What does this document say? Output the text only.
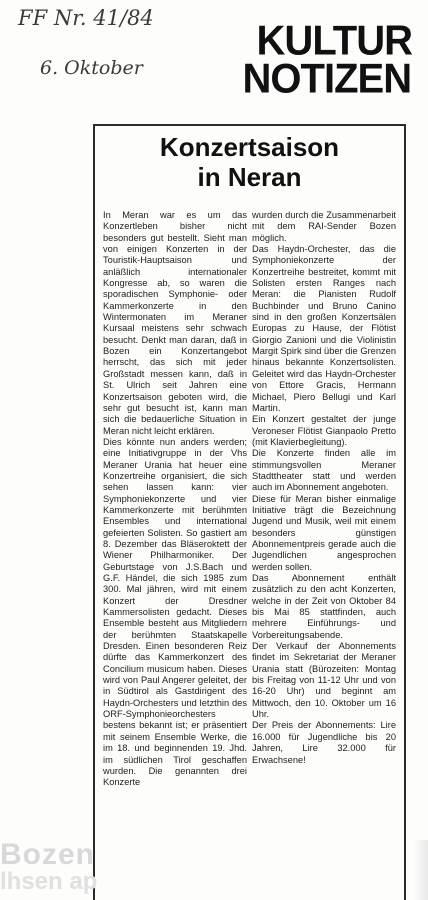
FF Nr. 41/84
6. Oktober
KULTUR
NOTIZEN
Konzertsaison
in Neran

In Meran war es um das Konzertleben bisher nicht besonders gut bestellt. Sieht man von einigen Konzerten in der Touristik-Hauptsaison und anläßlich internationaler Kongresse ab, so waren die sporadischen Symphonie- oder Kammerkonzerte in den Wintermonaten im Meraner Kursaal meistens sehr schwach besucht. Denkt man daran, daß in Bozen ein Konzertangebot herrscht, das sich mit jeder Großstadt messen kann, daß in St. Ulrich seit Jahren eine Konzertsaison geboten wird, die sehr gut besucht ist, kann man sich die bedauerliche Situation in Meran nicht leicht erklären.

Dies könnte nun anders werden; eine Initiativgruppe in der Vhs Meraner Urania hat heuer eine Konzertreihe organisiert, die sich sehen lassen kann: vier Symphoniekonzerte und vier Kammerkonzerte mit berühmten Ensembles und international gefeierten Solisten. So gastiert am 8. Dezember das Bläseroktett der Wiener Philharmoniker. Der Geburtstage von J.S.Bach und G.F. Händel, die sich 1985 zum 300. Mal jähren, wird mit einem Konzert der Dresdner Kammersolisten gedacht. Dieses Ensemble besteht aus Mitgliedern der berühmten Staatskapelle Dresden. Einen besonderen Reiz dürfte das Kammerkonzert des Concilium musicum haben. Dieses wird von Paul Angerer geleitet, der in Südtirol als Gastdirigent des Haydn-Orchesters und letzthin des ORF-Symphonieorchesters bestens bekannt ist; er präsentiert mit seinem Ensemble Werke, die im 18. und beginnenden 19. Jhd. im südlichen Tirol geschaffen wurden. Die genannten drei Konzerte

wurden durch die Zusammenarbeit mit dem RAI-Sender Bozen möglich.

Das Haydn-Orchester, das die Symphoniekonzerte der Konzertreihe bestreitet, kommt mit Solisten ersten Ranges nach Meran: die Pianisten Rudolf Buchbinder und Bruno Canino sind in den großen Konzertsälen Europas zu Hause, der Flötist Giorgio Zanioni und die Violinistin Margit Spirk sind über die Grenzen hinaus bekannte Konzertsolisten. Geleitet wird das Haydn-Orchester von Ettore Gracis, Hermann Michael, Piero Bellugi und Karl Martin.

Ein Konzert gestaltet der junge Veroneser Flötist Gianpaolo Pretto (mit Klavierbegleitung).

Die Konzerte finden alle im stimmungsvollen Meraner Stadttheater statt und werden auch im Abonnement angeboten.

Diese für Meran bisher einmalige Initiative trägt die Bezeichnung Jugend und Musik, weil mit einem besonders günstigen Abonnementpreis gerade auch die Jugendlichen angesprochen werden sollen.

Das Abonnement enthält zusätzlich zu den acht Konzerten, welche in der Zeit von Oktober 84 bis Mai 85 stattfinden, auch mehrere Einführungs- und Vorbereitungsabende.

Der Verkauf der Abonnements findet im Sekretariat der Meraner Urania statt (Bürozeiten: Montag bis Freitag von 11-12 Uhr und von 16-20 Uhr) und beginnt am Mittwoch, den 10. Oktober um 16 Uhr.

Der Preis der Abonnements: Lire 16.000 für Jugendliche bis 20 Jahren, Lire 32.000 für Erwachsene!

Bozen
lhsen ap
